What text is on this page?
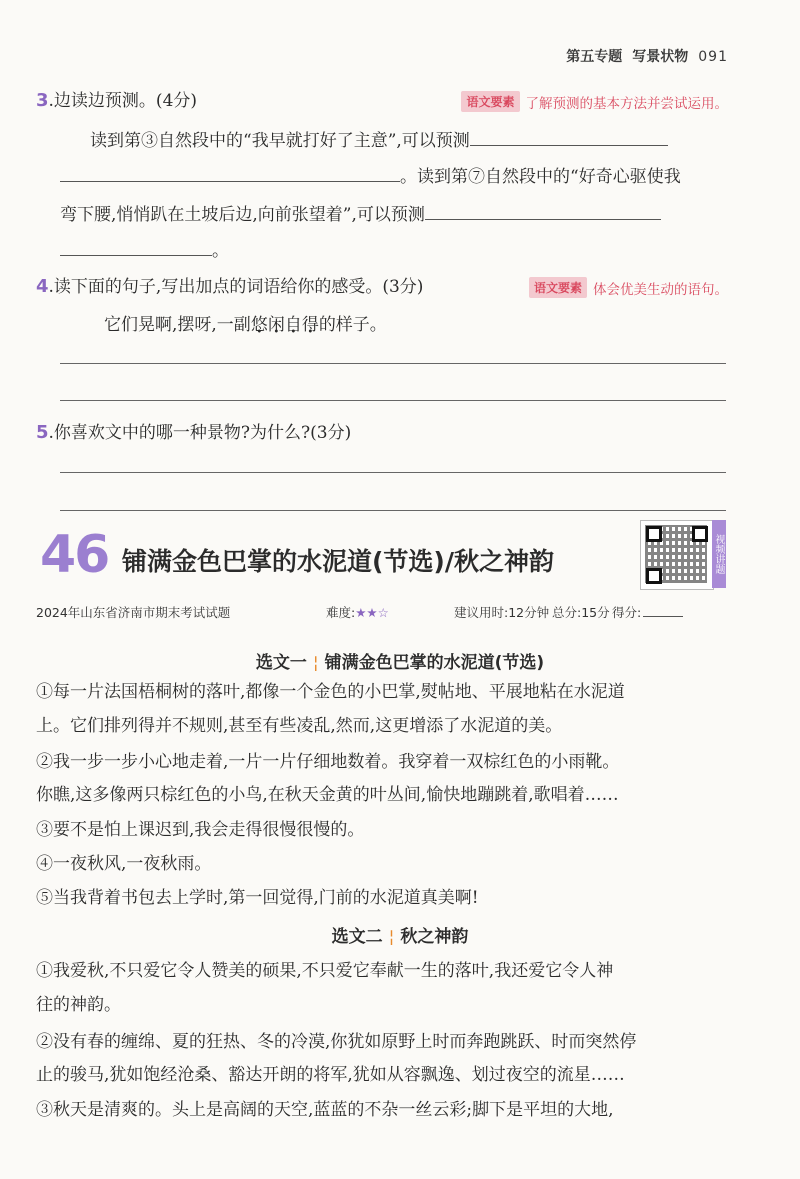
第五专题 写景状物 091
3 .边读边预测。(4分)	语文要素 了解预测的基本方法并尝试运用。
读到第③自然段中的“我早就打好了主意”,可以预测
。读到第⑦自然段中的“好奇心驱使我
弯下腰,悄悄趴在土坡后边,向前张望着”,可以预测
。
4 .读下面的句子,写出加点的词语给你的感受。(3分)	语文要素 体会优美生动的语句。
它们晃啊,摆呀,一副悠闲自得的样子。
5 .你喜欢文中的哪一种景物?为什么?(3分)
46 铺满金色巴掌的水泥道(节选)/秋之神韵	视频讲题
2024年山东省济南市期末考试试题	难度:★★☆	建议用时:12分钟 总分:15分 得分:
选文一 ¦ 铺满金色巴掌的水泥道(节选)
①每一片法国梧桐树的落叶,都像一个金色的小巴掌,熨帖地、平展地粘在水泥道
上。它们排列得并不规则,甚至有些凌乱,然而,这更增添了水泥道的美。
②我一步一步小心地走着,一片一片仔细地数着。我穿着一双棕红色的小雨靴。
你瞧,这多像两只棕红色的小鸟,在秋天金黄的叶丛间,愉快地蹦跳着,歌唱着……
③要不是怕上课迟到,我会走得很慢很慢的。
④一夜秋风,一夜秋雨。
⑤当我背着书包去上学时,第一回觉得,门前的水泥道真美啊!
选文二 ¦ 秋之神韵
①我爱秋,不只爱它令人赞美的硕果,不只爱它奉献一生的落叶,我还爱它令人神
往的神韵。
②没有春的缠绵、夏的狂热、冬的冷漠,你犹如原野上时而奔跑跳跃、时而突然停
止的骏马,犹如饱经沧桑、豁达开朗的将军,犹如从容飘逸、划过夜空的流星……
③秋天是清爽的。头上是高阔的天空,蓝蓝的不杂一丝云彩;脚下是平坦的大地,
